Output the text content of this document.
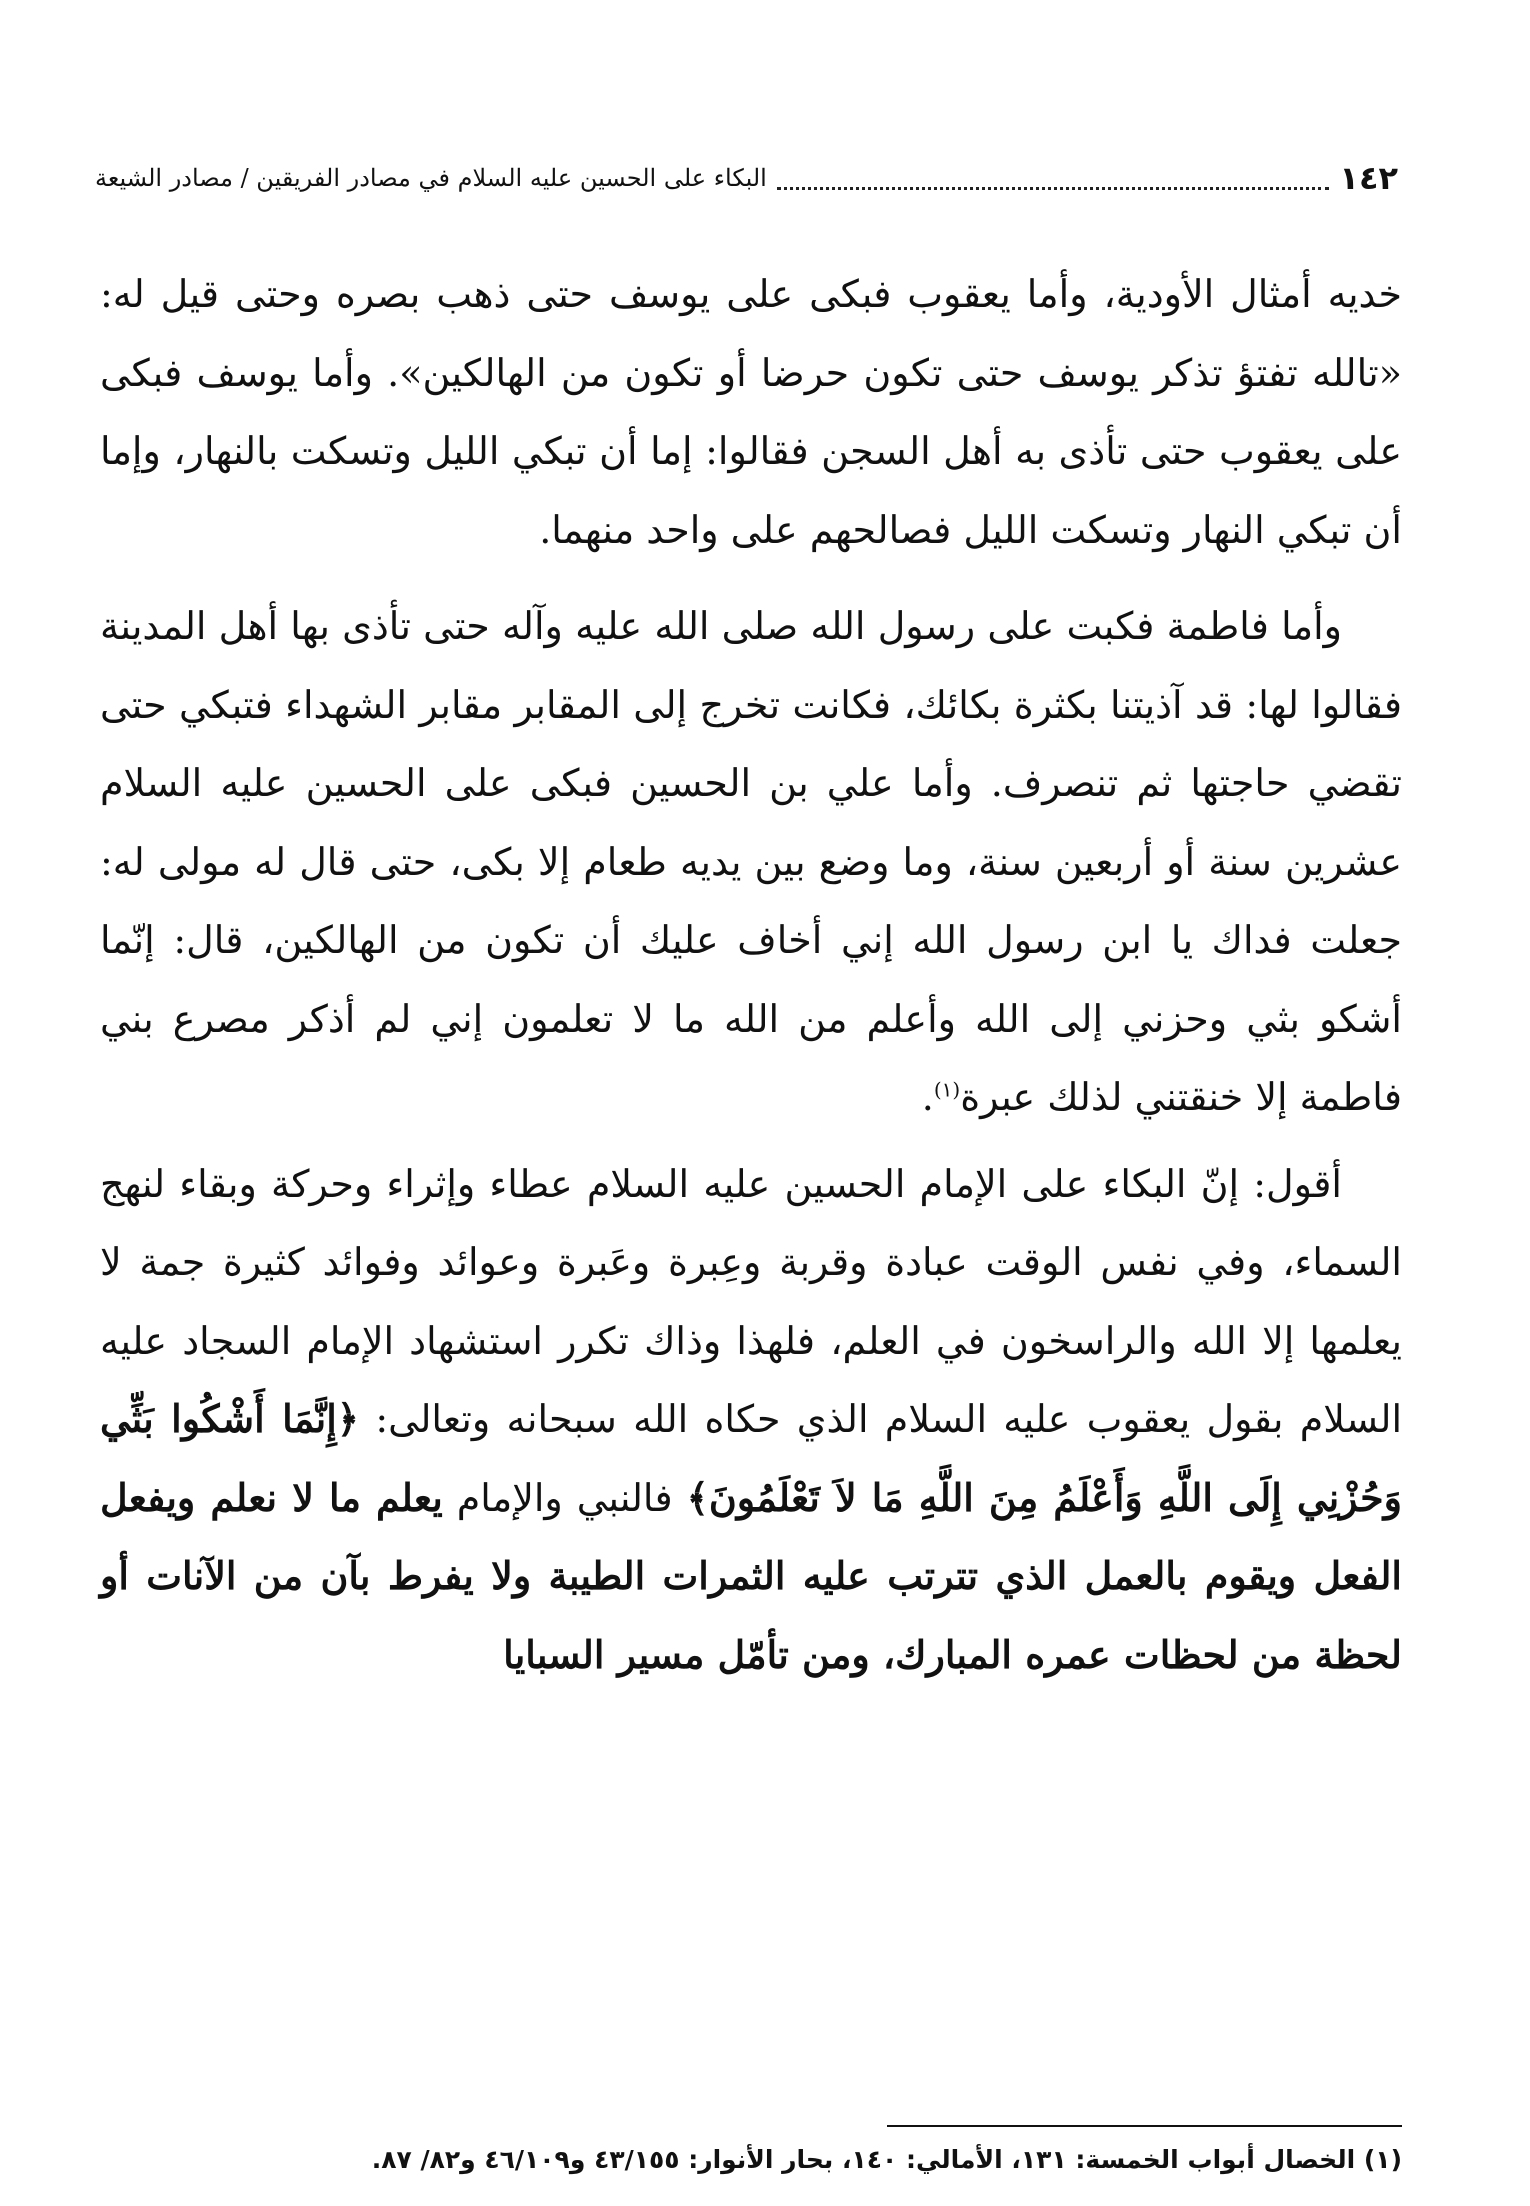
١٤٢
البكاء على الحسين عليه السلام في مصادر الفريقين / مصادر الشيعة

خديه أمثال الأودية، وأما يعقوب فبكى على يوسف حتى ذهب بصره وحتى قيل له: «تالله تفتؤ تذكر يوسف حتى تكون حرضا أو تكون من الهالكين». وأما يوسف فبكى على يعقوب حتى تأذى به أهل السجن فقالوا: إما أن تبكي الليل وتسكت بالنهار، وإما أن تبكي النهار وتسكت الليل فصالحهم على واحد منهما.

وأما فاطمة فكبت على رسول الله صلى الله عليه وآله حتى تأذى بها أهل المدينة فقالوا لها: قد آذيتنا بكثرة بكائك، فكانت تخرج إلى المقابر مقابر الشهداء فتبكي حتى تقضي حاجتها ثم تنصرف. وأما علي بن الحسين فبكى على الحسين عليه السلام عشرين سنة أو أربعين سنة، وما وضع بين يديه طعام إلا بكى، حتى قال له مولى له: جعلت فداك يا ابن رسول الله إني أخاف عليك أن تكون من الهالكين، قال: إنّما أشكو بثي وحزني إلى الله وأعلم من الله ما لا تعلمون إني لم أذكر مصرع بني فاطمة إلا خنقتني لذلك عبرة$^{(١)}$.

أقول: إنّ البكاء على الإمام الحسين عليه السلام عطاء وإثراء وحركة وبقاء لنهج السماء، وفي نفس الوقت عبادة وقربة وعِبرة وعَبرة وعوائد وفوائد كثيرة جمة لا يعلمها إلا الله والراسخون في العلم، فلهذا وذاك تكرر استشهاد الإمام السجاد عليه السلام بقول يعقوب عليه السلام الذي حكاه الله سبحانه وتعالى: ﴿إِنَّمَا أَشْكُوا بَثِّي وَحُزْنِي إِلَى اللَّهِ وَأَعْلَمُ مِنَ اللَّهِ مَا لاَ تَعْلَمُونَ﴾ فالنبي والإمام يعلم ما لا نعلم ويفعل الفعل ويقوم بالعمل الذي تترتب عليه الثمرات الطيبة ولا يفرط بآن من الآنات أو لحظة من لحظات عمره المبارك، ومن تأمّل مسير السبايا

(١) الخصال أبواب الخمسة: ١٣١، الأمالي: ١٤٠، بحار الأنوار: ٤٣/١٥٥ و٤٦/١٠٩ و٨٢/ ٨٧.
